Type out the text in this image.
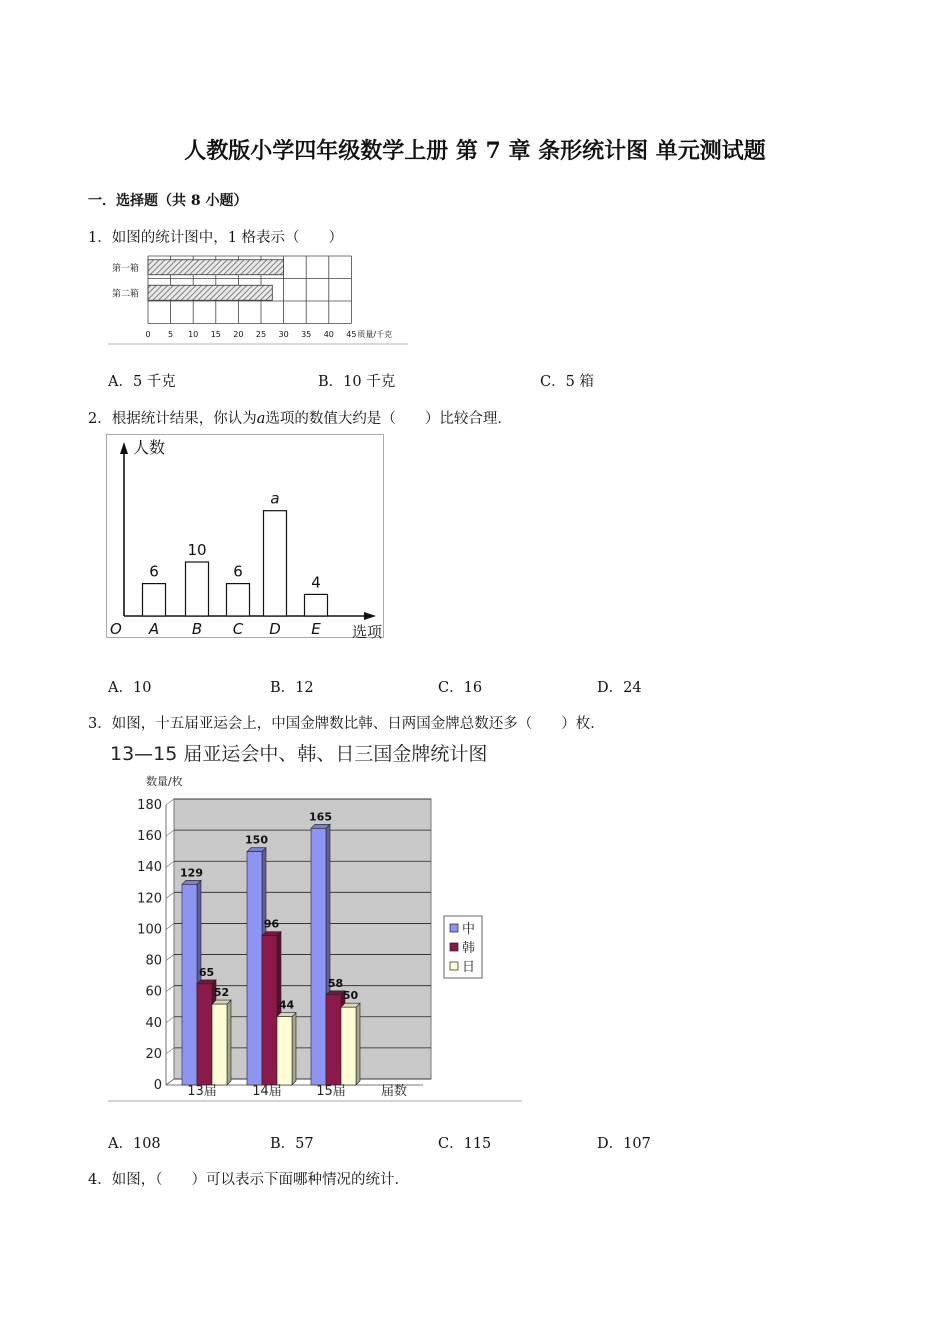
人教版小学四年级数学上册 第 7 章 条形统计图 单元测试题
一．选择题（共 8 小题）
1．如图的统计图中，1 格表示（　　）
第一箱
第二箱
0 5 10 15 20 25 30 35 40 45 质量/千克
A．5 千克	B．10 千克	C．5 箱
2．根据统计结果，你认为a选项的数值大约是（　　）比较合理．
人数
选项
O
6
A
10
B
6
C
a
D
4
E
A．10	B．12	C．16	D．24
3．如图，十五届亚运会上，中国金牌数比韩、日两国金牌总数还多（　　）枚．
13—15 届亚运会中、韩、日三国金牌统计图
数量/枚
0
20
40
60
80
100
120
140
160
180
129
65
52
13届
150
96
44
14届
165
58
50
15届	届数
中
韩
日
A．108	B．57	C．115	D．107
4．如图，（　　）可以表示下面哪种情况的统计．
